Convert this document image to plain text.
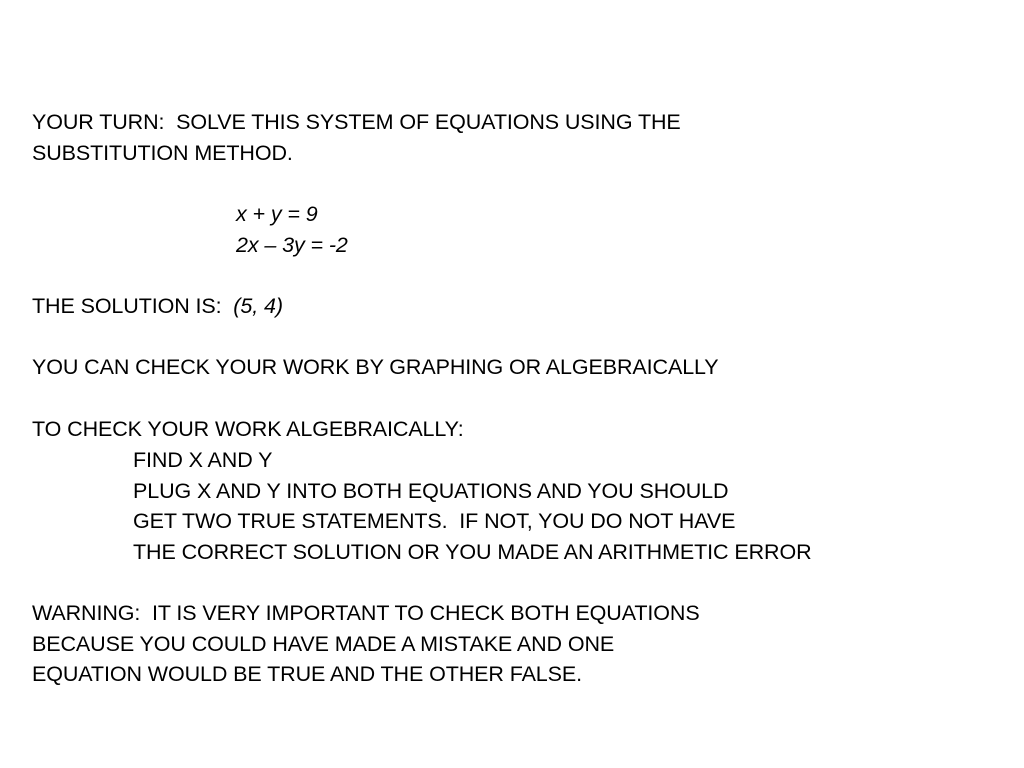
YOUR TURN:  SOLVE THIS SYSTEM OF EQUATIONS USING THE
SUBSTITUTION METHOD.
x + y = 9
2x – 3y = -2
THE SOLUTION IS: (5, 4)
YOU CAN CHECK YOUR WORK BY GRAPHING OR ALGEBRAICALLY
TO CHECK YOUR WORK ALGEBRAICALLY:
FIND X AND Y
PLUG X AND Y INTO BOTH EQUATIONS AND YOU SHOULD
GET TWO TRUE STATEMENTS.  IF NOT, YOU DO NOT HAVE
THE CORRECT SOLUTION OR YOU MADE AN ARITHMETIC ERROR
WARNING:  IT IS VERY IMPORTANT TO CHECK BOTH EQUATIONS
BECAUSE YOU COULD HAVE MADE A MISTAKE AND ONE
EQUATION WOULD BE TRUE AND THE OTHER FALSE.
